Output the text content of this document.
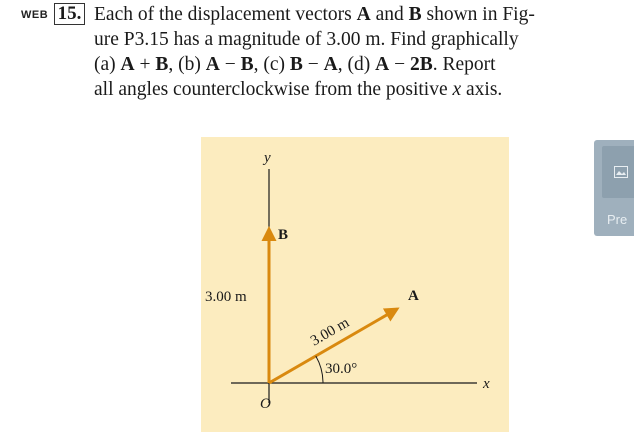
WEB 15. Each of the displacement vectors A and B shown in Fig-
ure P3.15 has a magnitude of 3.00 m. Find graphically
(a) A + B, (b) A − B, (c) B − A, (d) A − 2B. Report
all angles counterclockwise from the positive x axis.
y
x
O
B
A
3.00 m
3.00 m
30.0°
Pre
